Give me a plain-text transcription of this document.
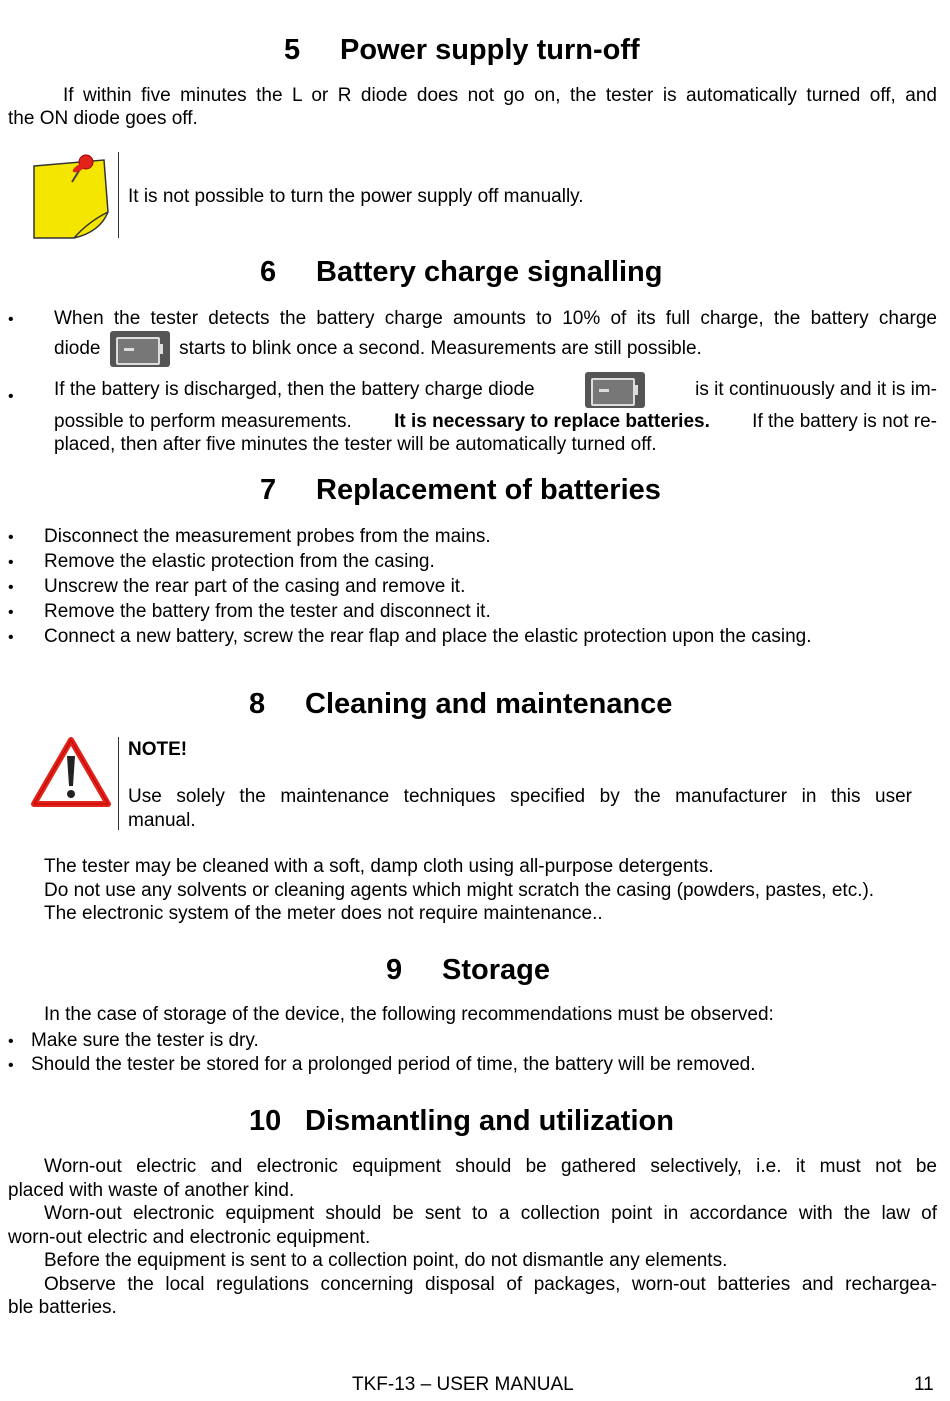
5 Power supply turn-off
If within five minutes the L or R diode does not go on, the tester is automatically turned off, and
the ON diode goes off.
It is not possible to turn the power supply off manually.
6 Battery charge signalling
• When the tester detects the battery charge amounts to 10% of its full charge, the battery charge
diode	starts to blink once a second. Measurements are still possible.
• If the battery is discharged, then the battery charge diode	is it continuously and it is im-
possible to perform measurements. It is necessary to replace batteries. If the battery is not re-
placed, then after five minutes the tester will be automatically turned off.
7 Replacement of batteries
• Disconnect the measurement probes from the mains.
• Remove the elastic protection from the casing.
• Unscrew the rear part of the casing and remove it.
• Remove the battery from the tester and disconnect it.
• Connect a new battery, screw the rear flap and place the elastic protection upon the casing.
8 Cleaning and maintenance
NOTE!
Use solely the maintenance techniques specified by the manufacturer in this user
manual.
The tester may be cleaned with a soft, damp cloth using all-purpose detergents.
Do not use any solvents or cleaning agents which might scratch the casing (powders, pastes, etc.).
The electronic system of the meter does not require maintenance..
9 Storage
In the case of storage of the device, the following recommendations must be observed:
• Make sure the tester is dry.
• Should the tester be stored for a prolonged period of time, the battery will be removed.
10 Dismantling and utilization
Worn-out electric and electronic equipment should be gathered selectively, i.e. it must not be
placed with waste of another kind.
Worn-out electronic equipment should be sent to a collection point in accordance with the law of
worn-out electric and electronic equipment.
Before the equipment is sent to a collection point, do not dismantle any elements.
Observe the local regulations concerning disposal of packages, worn-out batteries and rechargea-
ble batteries.
TKF-13 – USER MANUAL	11
